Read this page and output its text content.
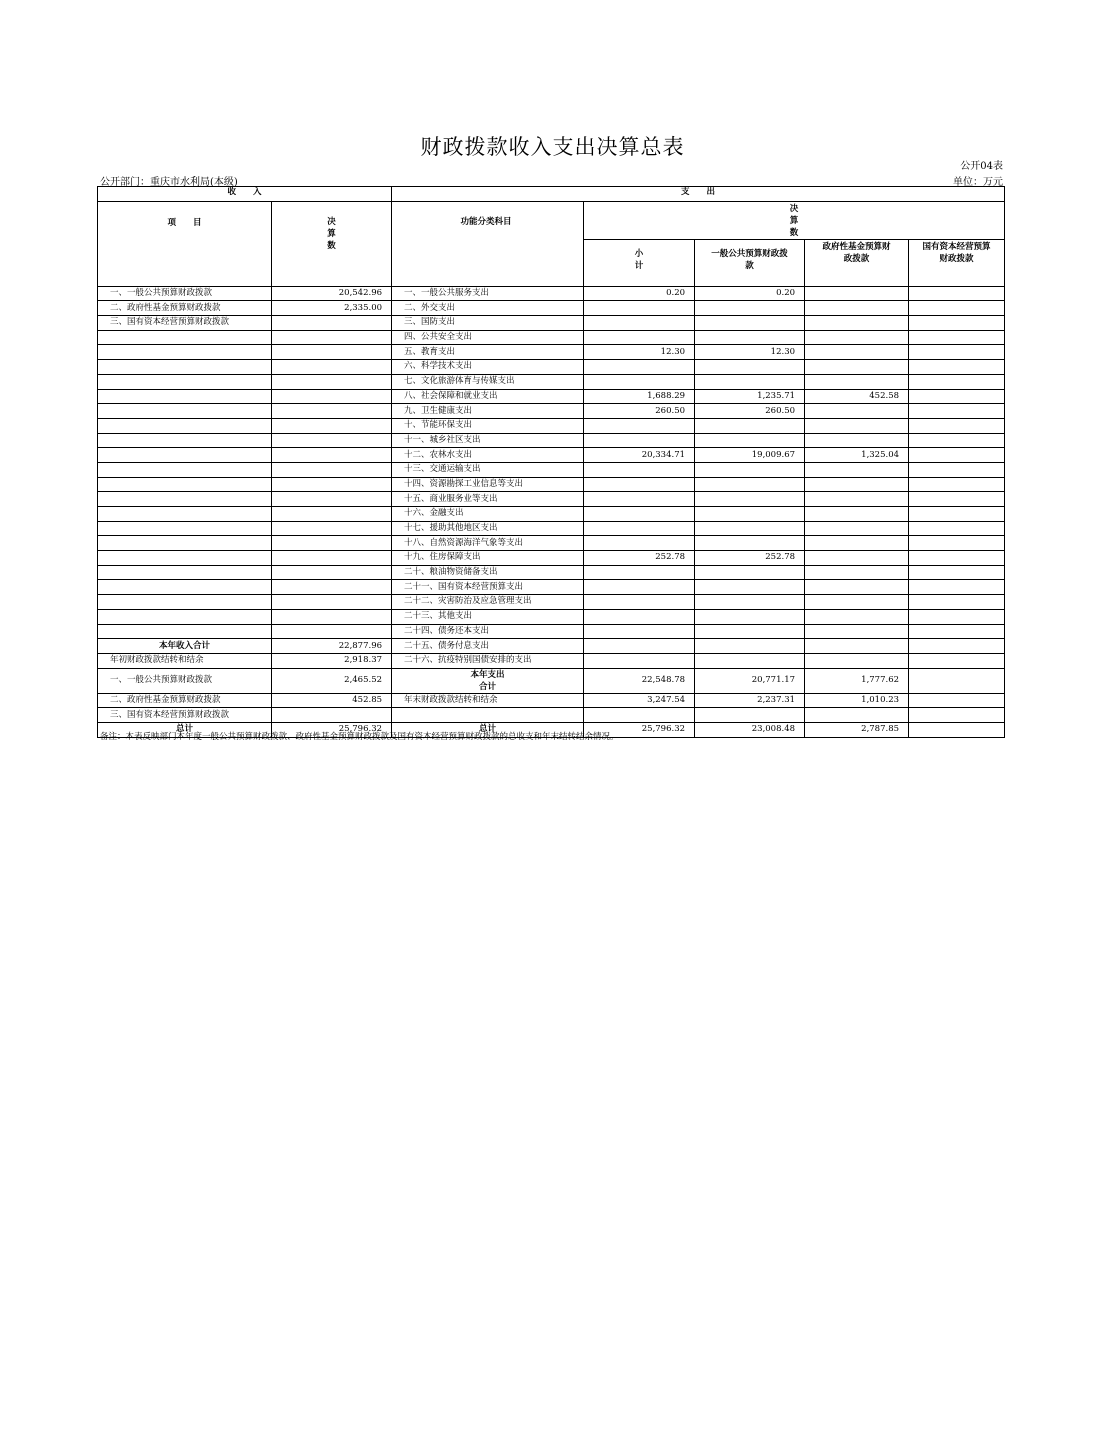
财政拨款收入支出决算总表
公开04表
公开部门：重庆市水利局(本级)	单位：万元
收　　入		支　　出				
项　　目	决算数	功能分类科目	决算数			
			小计	一般公共预算财政拨款	政府性基金预算财政拨款	国有资本经营预算财政拨款
一、一般公共预算财政拨款	20,542.96	一、一般公共服务支出	0.20	0.20		
二、政府性基金预算财政拨款	2,335.00	二、外交支出				
三、国有资本经营预算财政拨款		三、国防支出				
		四、公共安全支出				
		五、教育支出	12.30	12.30		
		六、科学技术支出				
		七、文化旅游体育与传媒支出				
		八、社会保障和就业支出	1,688.29	1,235.71	452.58	
		九、卫生健康支出	260.50	260.50		
		十、节能环保支出				
		十一、城乡社区支出				
		十二、农林水支出	20,334.71	19,009.67	1,325.04	
		十三、交通运输支出				
		十四、资源勘探工业信息等支出				
		十五、商业服务业等支出				
		十六、金融支出				
		十七、援助其他地区支出				
		十八、自然资源海洋气象等支出				
		十九、住房保障支出	252.78	252.78		
		二十、粮油物资储备支出				
		二十一、国有资本经营预算支出				
		二十二、灾害防治及应急管理支出				
		二十三、其他支出				
		二十四、债务还本支出				
本年收入合计	22,877.96	二十五、债务付息支出				
年初财政拨款结转和结余	2,918.37	二十六、抗疫特别国债安排的支出				
一、一般公共预算财政拨款	2,465.52	本年支出合计	22,548.78	20,771.17	1,777.62	
二、政府性基金预算财政拨款	452.85	年末财政拨款结转和结余	3,247.54	2,237.31	1,010.23	
三、国有资本经营预算财政拨款						
总计	25,796.32	总计	25,796.32	23,008.48	2,787.85	
备注：本表反映部门本年度一般公共预算财政拨款、政府性基金预算财政拨款及国有资本经营预算财政拨款的总收支和年末结转结余情况。
